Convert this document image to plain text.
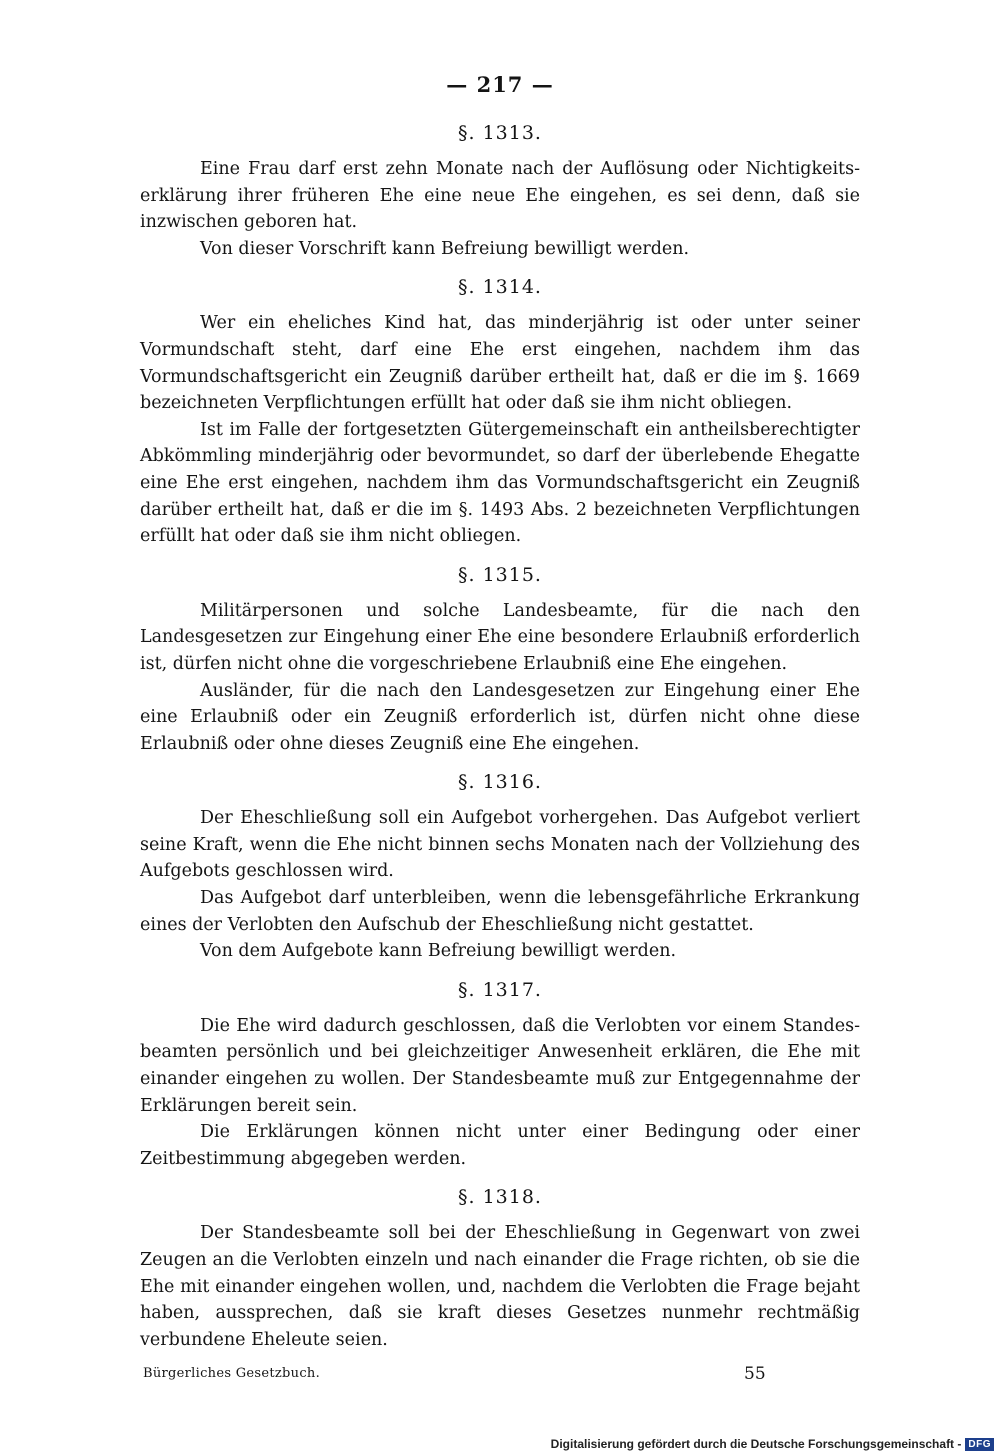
— 217 —
§. 1313.

Eine Frau darf erst zehn Monate nach der Auflösung oder Nichtigkeitserklärung ihrer früheren Ehe eine neue Ehe eingehen, es sei denn, daß sie inzwischen geboren hat.

Von dieser Vorschrift kann Befreiung bewilligt werden.

§. 1314.

Wer ein eheliches Kind hat, das minderjährig ist oder unter seiner Vormundschaft steht, darf eine Ehe erst eingehen, nachdem ihm das Vormundschaftsgericht ein Zeugniß darüber ertheilt hat, daß er die im §. 1669 bezeichneten Verpflichtungen erfüllt hat oder daß sie ihm nicht obliegen.

Ist im Falle der fortgesetzten Gütergemeinschaft ein antheilsberechtigter Abkömmling minderjährig oder bevormundet, so darf der überlebende Ehegatte eine Ehe erst eingehen, nachdem ihm das Vormundschaftsgericht ein Zeugniß darüber ertheilt hat, daß er die im §. 1493 Abs. 2 bezeichneten Verpflichtungen erfüllt hat oder daß sie ihm nicht obliegen.

§. 1315.

Militärpersonen und solche Landesbeamte, für die nach den Landesgesetzen zur Eingehung einer Ehe eine besondere Erlaubniß erforderlich ist, dürfen nicht ohne die vorgeschriebene Erlaubniß eine Ehe eingehen.

Ausländer, für die nach den Landesgesetzen zur Eingehung einer Ehe eine Erlaubniß oder ein Zeugniß erforderlich ist, dürfen nicht ohne diese Erlaubniß oder ohne dieses Zeugniß eine Ehe eingehen.

§. 1316.

Der Eheschließung soll ein Aufgebot vorhergehen. Das Aufgebot verliert seine Kraft, wenn die Ehe nicht binnen sechs Monaten nach der Vollziehung des Aufgebots geschlossen wird.

Das Aufgebot darf unterbleiben, wenn die lebensgefährliche Erkrankung eines der Verlobten den Aufschub der Eheschließung nicht gestattet.

Von dem Aufgebote kann Befreiung bewilligt werden.

§. 1317.

Die Ehe wird dadurch geschlossen, daß die Verlobten vor einem Standesbeamten persönlich und bei gleichzeitiger Anwesenheit erklären, die Ehe mit einander eingehen zu wollen. Der Standesbeamte muß zur Entgegennahme der Erklärungen bereit sein.

Die Erklärungen können nicht unter einer Bedingung oder einer Zeitbestimmung abgegeben werden.

§. 1318.

Der Standesbeamte soll bei der Eheschließung in Gegenwart von zwei Zeugen an die Verlobten einzeln und nach einander die Frage richten, ob sie die Ehe mit einander eingehen wollen, und, nachdem die Verlobten die Frage bejaht haben, aussprechen, daß sie kraft dieses Gesetzes nunmehr rechtmäßig verbundene Eheleute seien.

Bürgerliches Gesetzbuch.	55
Digitalisierung gefördert durch die Deutsche Forschungsgemeinschaft - DFG
